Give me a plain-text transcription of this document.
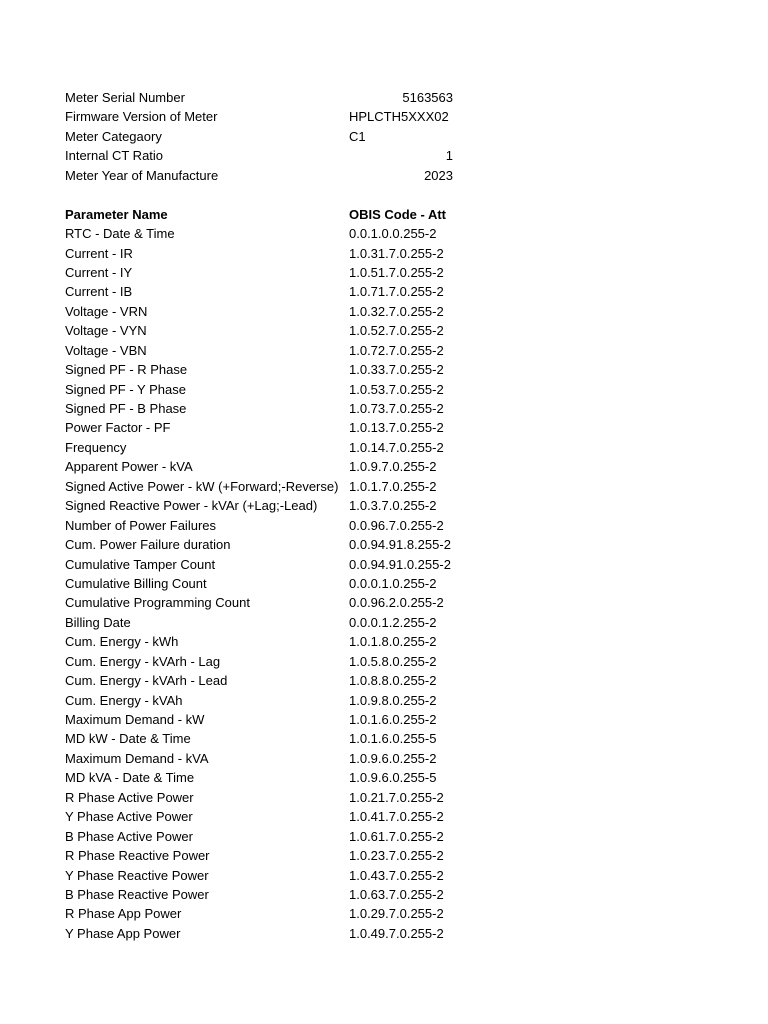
Meter Serial Number	5163563
Firmware Version of Meter	HPLCTH5XXX02
Meter Categaory	C1
Internal CT Ratio	1
Meter Year of Manufacture	2023
Parameter Name	OBIS Code - Att
RTC - Date & Time	0.0.1.0.0.255-2
Current - IR	1.0.31.7.0.255-2
Current - IY	1.0.51.7.0.255-2
Current - IB	1.0.71.7.0.255-2
Voltage - VRN	1.0.32.7.0.255-2
Voltage - VYN	1.0.52.7.0.255-2
Voltage - VBN	1.0.72.7.0.255-2
Signed PF - R Phase	1.0.33.7.0.255-2
Signed PF - Y Phase	1.0.53.7.0.255-2
Signed PF - B Phase	1.0.73.7.0.255-2
Power Factor - PF	1.0.13.7.0.255-2
Frequency	1.0.14.7.0.255-2
Apparent Power - kVA	1.0.9.7.0.255-2
Signed Active Power - kW (+Forward;-Reverse) 1.0.1.7.0.255-2
Signed Reactive Power - kVAr (+Lag;-Lead) 1.0.3.7.0.255-2
Number of Power Failures	0.0.96.7.0.255-2
Cum. Power Failure duration	0.0.94.91.8.255-2
Cumulative Tamper Count	0.0.94.91.0.255-2
Cumulative Billing Count	0.0.0.1.0.255-2
Cumulative Programming Count	0.0.96.2.0.255-2
Billing Date	0.0.0.1.2.255-2
Cum. Energy - kWh	1.0.1.8.0.255-2
Cum. Energy - kVArh - Lag	1.0.5.8.0.255-2
Cum. Energy - kVArh - Lead	1.0.8.8.0.255-2
Cum. Energy - kVAh	1.0.9.8.0.255-2
Maximum Demand - kW	1.0.1.6.0.255-2
MD kW - Date & Time	1.0.1.6.0.255-5
Maximum Demand - kVA	1.0.9.6.0.255-2
MD kVA - Date & Time	1.0.9.6.0.255-5
R Phase Active Power	1.0.21.7.0.255-2
Y Phase Active Power	1.0.41.7.0.255-2
B Phase Active Power	1.0.61.7.0.255-2
R Phase Reactive Power	1.0.23.7.0.255-2
Y Phase Reactive Power	1.0.43.7.0.255-2
B Phase Reactive Power	1.0.63.7.0.255-2
R Phase App Power	1.0.29.7.0.255-2
Y Phase App Power	1.0.49.7.0.255-2
